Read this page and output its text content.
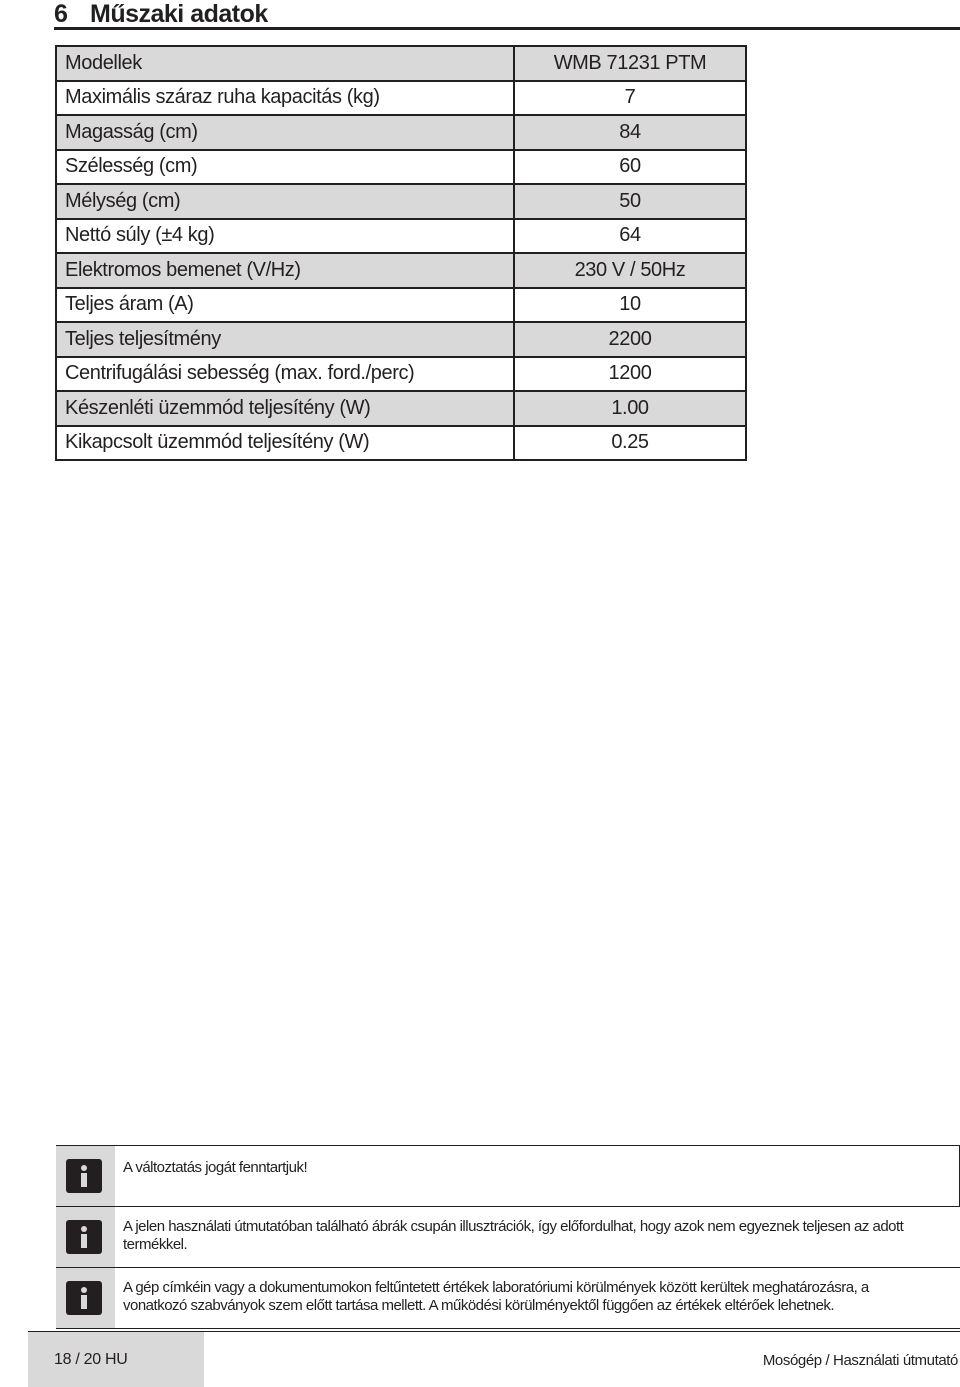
6 Műszaki adatok
Modellek	WMB 71231 PTM
Maximális száraz ruha kapacitás (kg)	7
Magasság (cm)	84
Szélesség (cm)	60
Mélység (cm)	50
Nettó súly (±4 kg)	64
Elektromos bemenet (V/Hz)	230 V / 50Hz
Teljes áram (A)	10
Teljes teljesítmény	2200
Centrifugálási sebesség (max. ford./perc)	1200
Készenléti üzemmód teljesítény (W)	1.00
Kikapcsolt üzemmód teljesítény (W)	0.25
A változtatás jogát fenntartjuk!
A jelen használati útmutatóban található ábrák csupán illusztrációk, így előfordulhat, hogy azok nem egyeznek teljesen az adott termékkel.
A gép címkéin vagy a dokumentumokon feltűntetett értékek laboratóriumi körülmények között kerültek meghatározásra, a vonatkozó szabványok szem előtt tartása mellett. A működési körülményektől függően az értékek eltérőek lehetnek.
18 / 20 HU	Mosógép / Használati útmutató
